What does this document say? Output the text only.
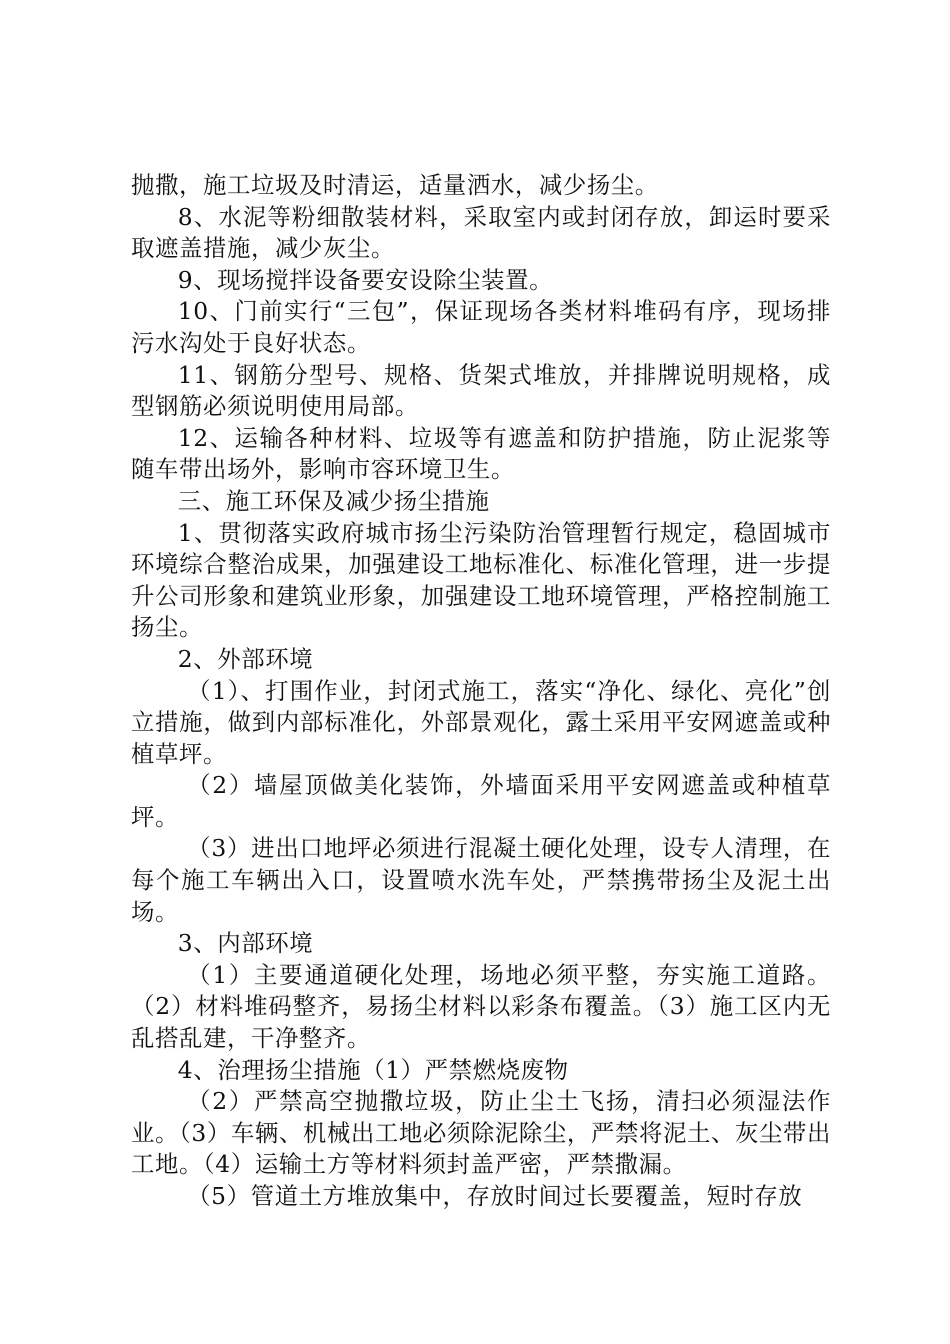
抛撒，施工垃圾及时清运，适量洒水，减少扬尘。

8、水泥等粉细散装材料，采取室内或封闭存放，卸运时要采取遮盖措施，减少灰尘。

9、现场搅拌设备要安设除尘装置。

10、门前实行“三包”，保证现场各类材料堆码有序，现场排污水沟处于良好状态。

11、钢筋分型号、规格、货架式堆放，并排牌说明规格，成型钢筋必须说明使用局部。

12、运输各种材料、垃圾等有遮盖和防护措施，防止泥浆等随车带出场外，影响市容环境卫生。

三、施工环保及减少扬尘措施

1、贯彻落实政府城市扬尘污染防治管理暂行规定，稳固城市环境综合整治成果，加强建设工地标准化、标准化管理，进一步提升公司形象和建筑业形象，加强建设工地环境管理，严格控制施工扬尘。

2、外部环境

（1）、打围作业，封闭式施工，落实“净化、绿化、亮化”创立措施，做到内部标准化，外部景观化，露土采用平安网遮盖或种植草坪。

（2）墙屋顶做美化装饰，外墙面采用平安网遮盖或种植草坪。

（3）进出口地坪必须进行混凝土硬化处理，设专人清理，在每个施工车辆出入口，设置喷水洗车处，严禁携带扬尘及泥土出场。

3、内部环境

（1）主要通道硬化处理，场地必须平整，夯实施工道路。（2）材料堆码整齐，易扬尘材料以彩条布覆盖。（3）施工区内无乱搭乱建，干净整齐。

4、治理扬尘措施（1）严禁燃烧废物

（2）严禁高空抛撒垃圾，防止尘土飞扬，清扫必须湿法作业。（3）车辆、机械出工地必须除泥除尘，严禁将泥土、灰尘带出工地。（4）运输土方等材料须封盖严密，严禁撒漏。

（5）管道土方堆放集中，存放时间过长要覆盖，短时存放
